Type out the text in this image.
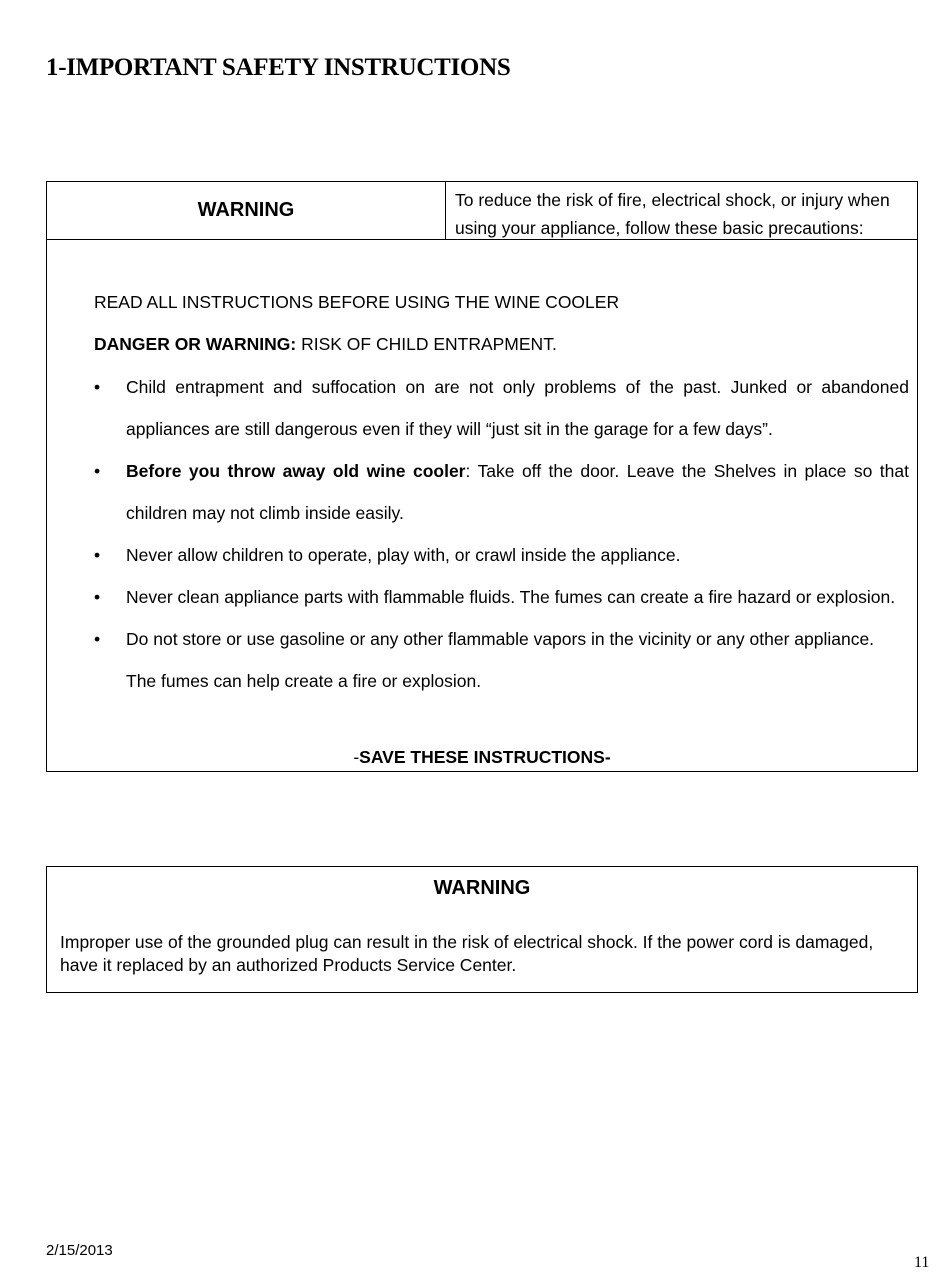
1-IMPORTANT SAFETY INSTRUCTIONS
WARNING	To reduce the risk of fire, electrical shock, or injury when using your appliance, follow these basic precautions:
READ ALL INSTRUCTIONS BEFORE USING THE WINE COOLER
DANGER OR WARNING: RISK OF CHILD ENTRAPMENT.
• Child entrapment and suffocation on are not only problems of the past. Junked or abandoned
appliances are still dangerous even if they will “just sit in the garage for a few days”.
• Before you throw away old wine cooler: Take off the door. Leave the Shelves in place so that
children may not climb inside easily.
• Never allow children to operate, play with, or crawl inside the appliance.
• Never clean appliance parts with flammable fluids. The fumes can create a fire hazard or explosion.
• Do not store or use gasoline or any other flammable vapors in the vicinity or any other appliance.
The fumes can help create a fire or explosion.
-SAVE THESE INSTRUCTIONS-
WARNING
Improper use of the grounded plug can result in the risk of electrical shock. If the power cord is damaged, have it replaced by an authorized Products Service Center.
2/15/2013
11
